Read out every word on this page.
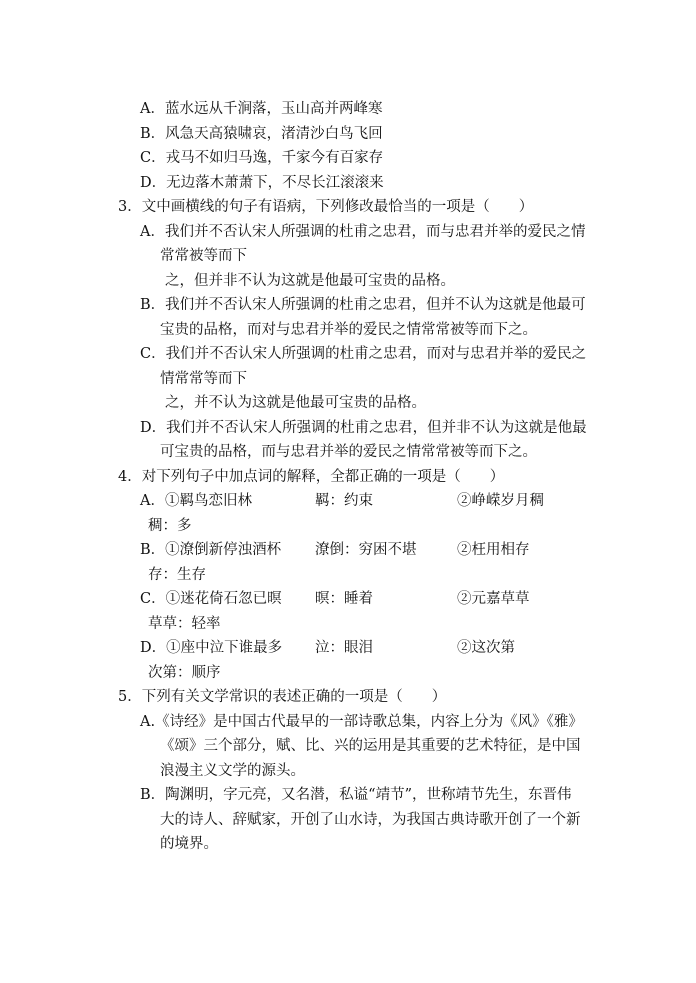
A．蓝水远从千涧落，玉山高并两峰寒
B．风急天高猿啸哀，渚清沙白鸟飞回
C．戎马不如归马逸，千家今有百家存
D．无边落木萧萧下，不尽长江滚滚来
3．文中画横线的句子有语病，下列修改最恰当的一项是（　　）
A．我们并不否认宋人所强调的杜甫之忠君，而与忠君并举的爱民之情
常常被等而下
之，但并非不认为这就是他最可宝贵的品格。
B．我们并不否认宋人所强调的杜甫之忠君，但并不认为这就是他最可
宝贵的品格，而对与忠君并举的爱民之情常常被等而下之。
C．我们并不否认宋人所强调的杜甫之忠君，而对与忠君并举的爱民之
情常常等而下
之，并不认为这就是他最可宝贵的品格。
D．我们并不否认宋人所强调的杜甫之忠君，但并非不认为这就是他最
可宝贵的品格，而与忠君并举的爱民之情常常被等而下之。
4．对下列句子中加点词的解释，全都正确的一项是（　　）
A．①羁鸟恋旧林	羁：约束	②峥嵘岁月稠
稠：多
B．①潦倒新停浊酒杯 潦倒：穷困不堪	②枉用相存
存：生存
C．①迷花倚石忽已暝 暝：睡着	②元嘉草草
草草：轻率
D．①座中泣下谁最多 泣：眼泪	②这次第
次第：顺序
5．下列有关文学常识的表述正确的一项是（　　）
A.《诗经》是中国古代最早的一部诗歌总集，内容上分为《风》《雅》
《颂》三个部分，赋、比、兴的运用是其重要的艺术特征，是中国
浪漫主义文学的源头。
B．陶渊明，字元亮，又名潜，私谥“靖节”，世称靖节先生，东晋伟
大的诗人、辞赋家，开创了山水诗，为我国古典诗歌开创了一个新
的境界。
